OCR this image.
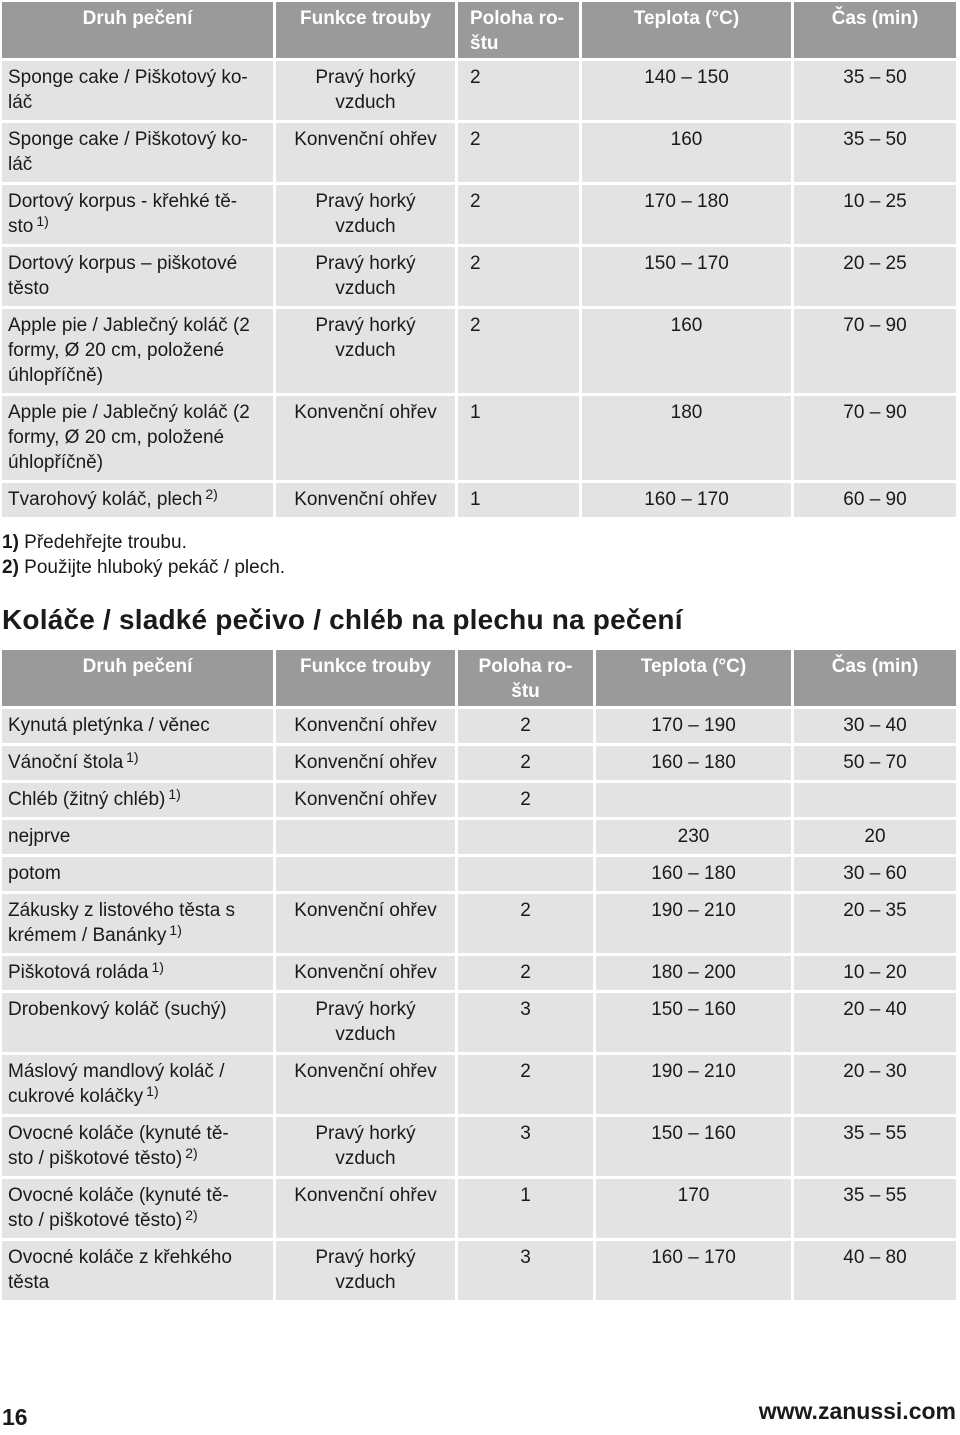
Druh pečení	Funkce trouby	Poloha ro-
štu	Teplota (°C)	Čas (min)
Sponge cake / Piškotový ko-
láč	Pravý horký
vzduch	2	140 – 150	35 – 50
Sponge cake / Piškotový ko-
láč	Konvenční ohřev	2	160	35 – 50
Dortový korpus - křehké tě-
sto $^{1)}$	Pravý horký
vzduch	2	170 – 180	10 – 25
Dortový korpus – piškotové
těsto	Pravý horký
vzduch	2	150 – 170	20 – 25
Apple pie / Jablečný koláč (2
formy, Ø 20 cm, položené
úhlopříčně)	Pravý horký
vzduch	2	160	70 – 90
Apple pie / Jablečný koláč (2
formy, Ø 20 cm, položené
úhlopříčně)	Konvenční ohřev	1	180	70 – 90
Tvarohový koláč, plech $^{2)}$	Konvenční ohřev	1	160 – 170	60 – 90
1) Předehřejte troubu.
2) Použijte hluboký pekáč / plech.
Koláče / sladké pečivo / chléb na plechu na pečení
Druh pečení	Funkce trouby	Poloha ro-
štu	Teplota (°C)	Čas (min)
Kynutá pletýnka / věnec	Konvenční ohřev	2	170 – 190	30 – 40
Vánoční štola $^{1)}$	Konvenční ohřev	2	160 – 180	50 – 70
Chléb (žitný chléb) $^{1)}$	Konvenční ohřev	2		
nejprve			230	20
potom			160 – 180	30 – 60
Zákusky z listového těsta s
krémem / Banánky $^{1)}$	Konvenční ohřev	2	190 – 210	20 – 35
Piškotová roláda $^{1)}$	Konvenční ohřev	2	180 – 200	10 – 20
Drobenkový koláč (suchý)	Pravý horký
vzduch	3	150 – 160	20 – 40
Máslový mandlový koláč /
cukrové koláčky $^{1)}$	Konvenční ohřev	2	190 – 210	20 – 30
Ovocné koláče (kynuté tě-
sto / piškotové těsto) $^{2)}$	Pravý horký
vzduch	3	150 – 160	35 – 55
Ovocné koláče (kynuté tě-
sto / piškotové těsto) $^{2)}$	Konvenční ohřev	1	170	35 – 55
Ovocné koláče z křehkého
těsta	Pravý horký
vzduch	3	160 – 170	40 – 80
16	www.zanussi.com
